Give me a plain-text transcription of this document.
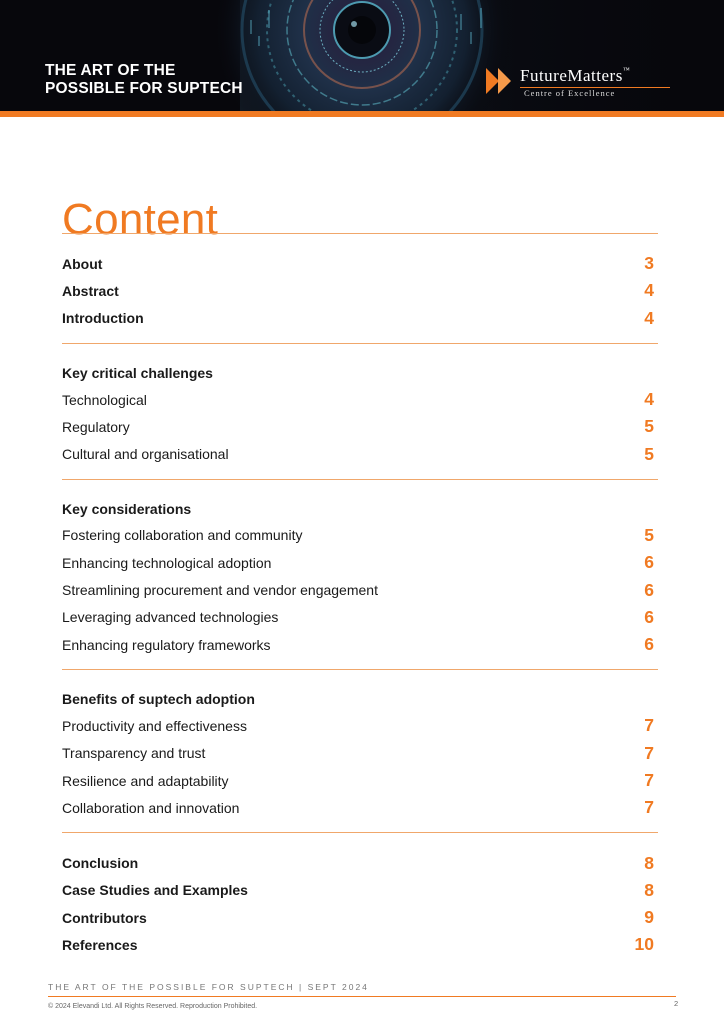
THE ART OF THE
POSSIBLE FOR SUPTECH
FutureMatters™
Centre of Excellence
Content
About	3
Abstract	4
Introduction	4
Key critical challenges
Technological	4
Regulatory	5
Cultural and organisational	5
Key considerations
Fostering collaboration and community	5
Enhancing technological adoption	6
Streamlining procurement and vendor engagement	6
Leveraging advanced technologies	6
Enhancing regulatory frameworks	6
Benefits of suptech adoption
Productivity and effectiveness	7
Transparency and trust	7
Resilience and adaptability	7
Collaboration and innovation	7
Conclusion	8
Case Studies and Examples	8
Contributors	9
References	10
THE ART OF THE POSSIBLE FOR SUPTECH | SEPT 2024
© 2024 Elevandi Ltd. All Rights Reserved. Reproduction Prohibited.	2
